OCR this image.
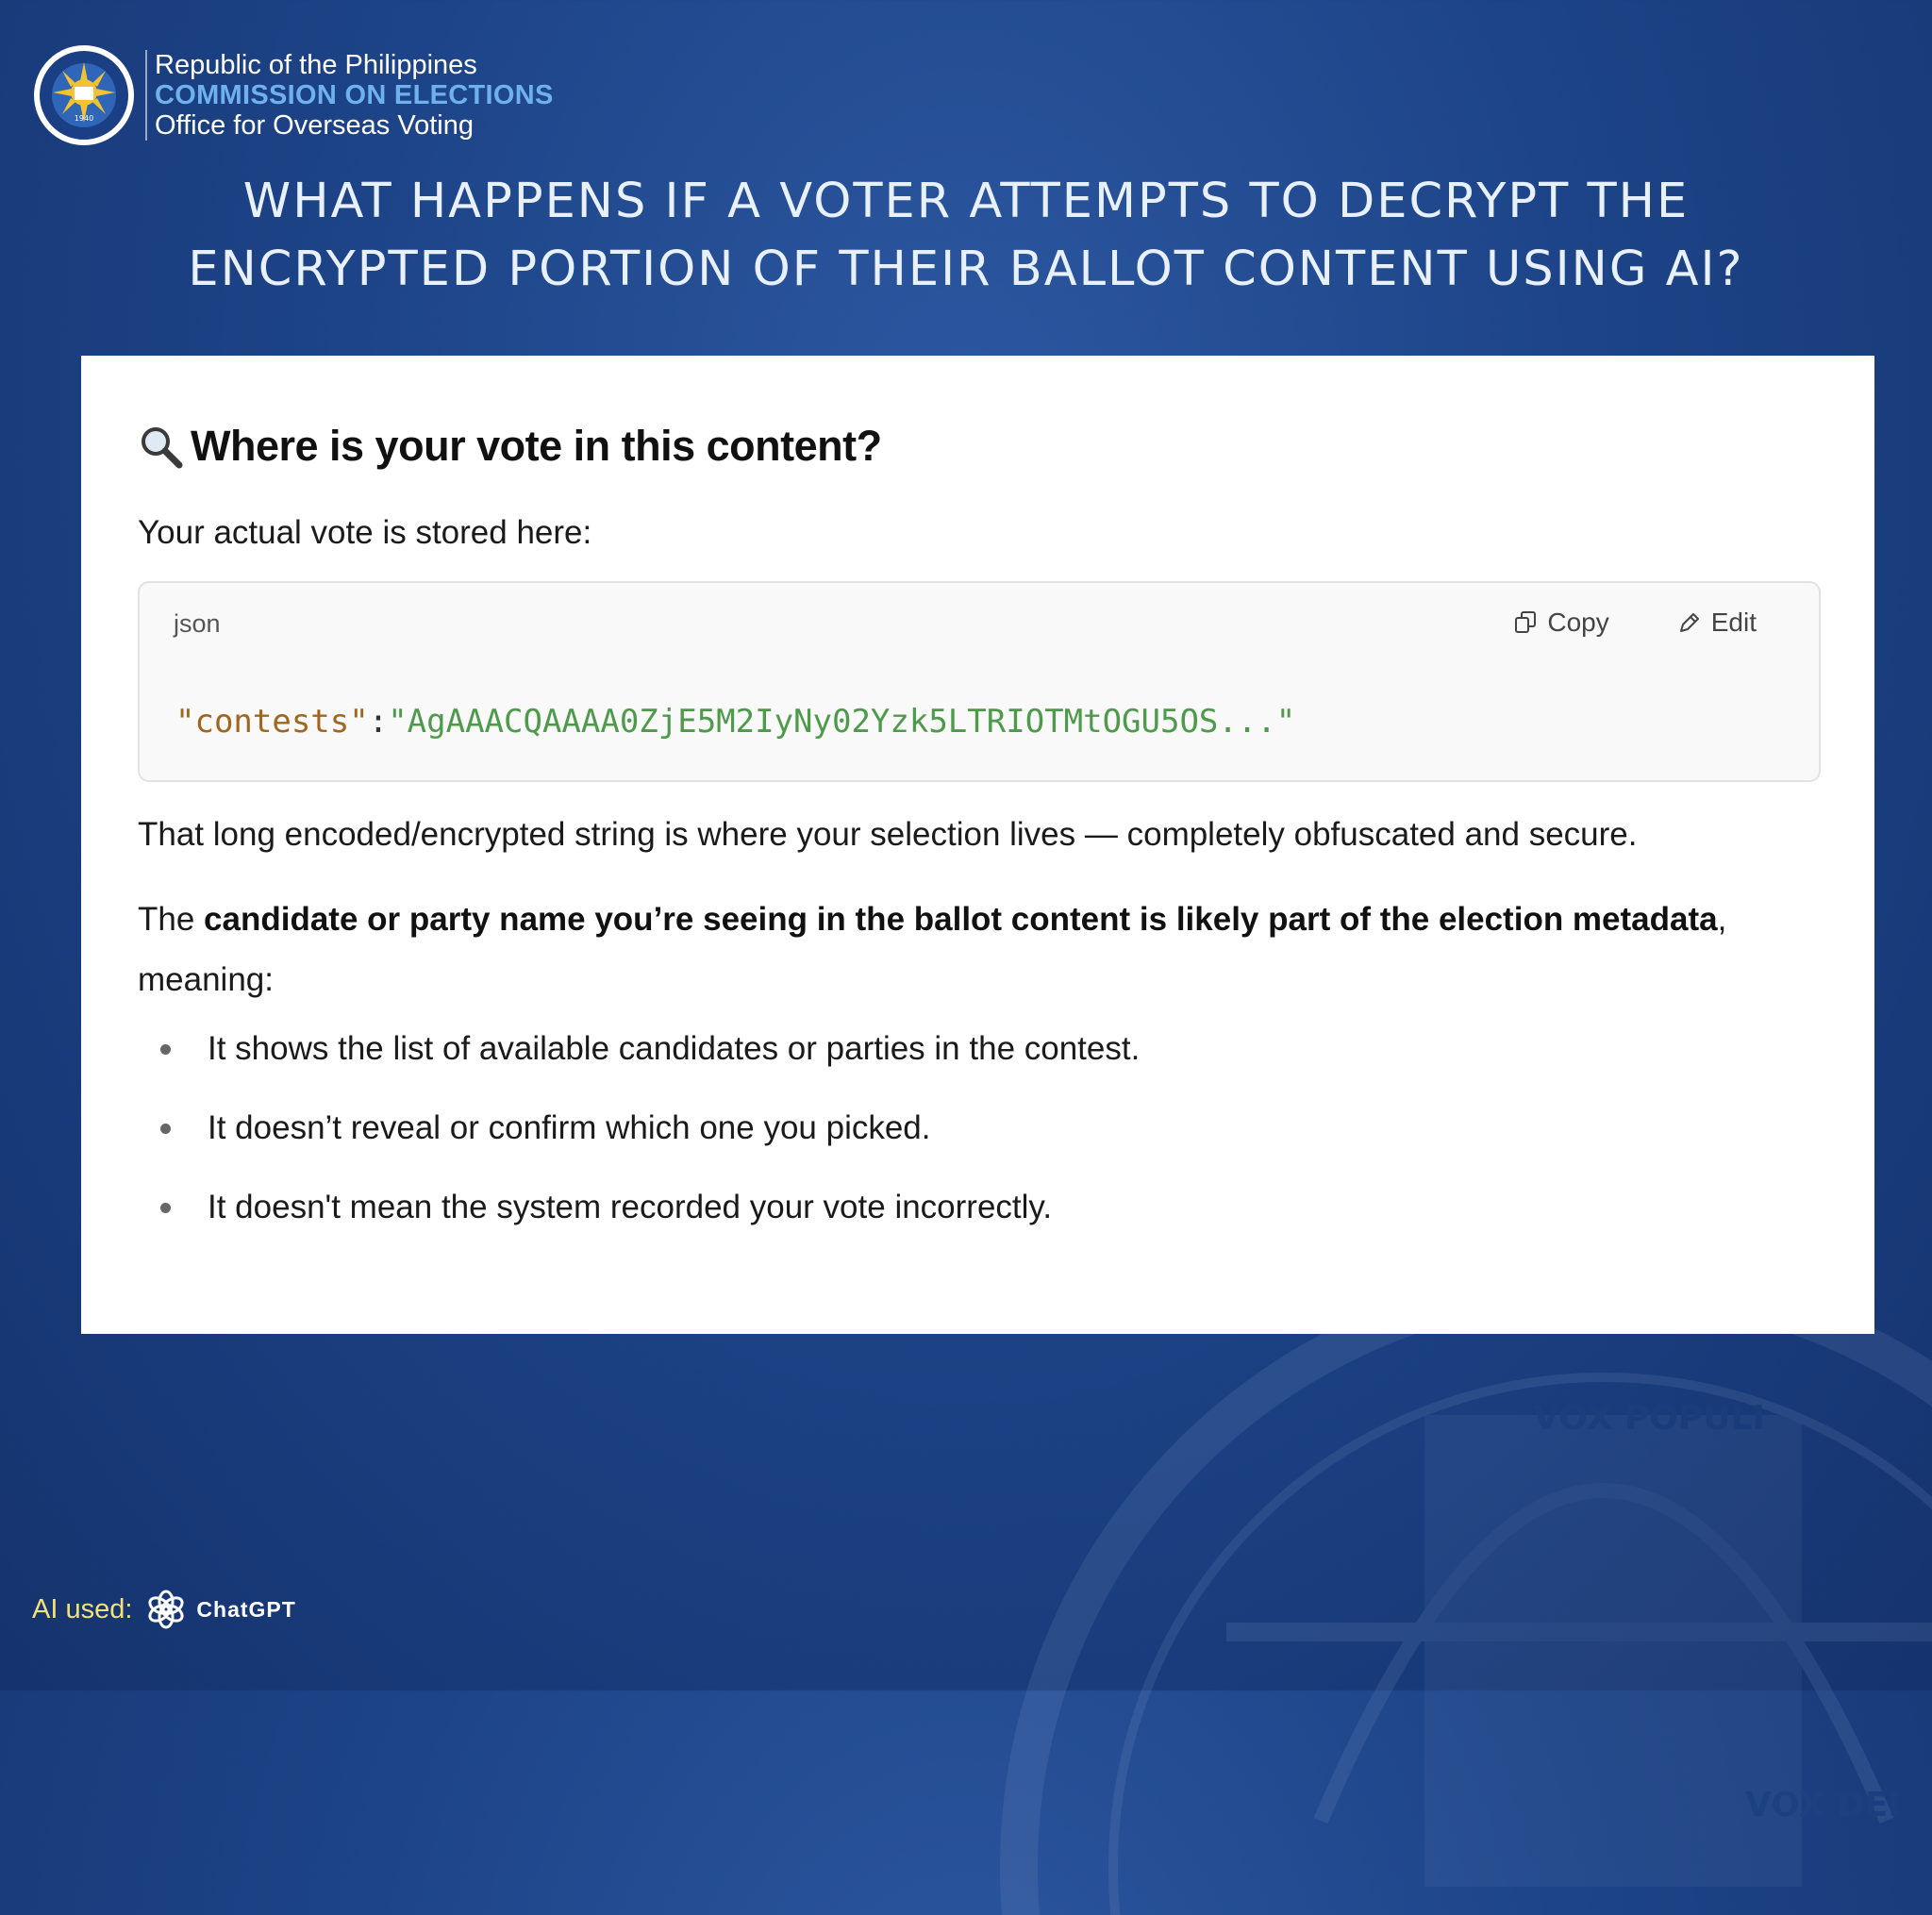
VOX POPULI
VOX DEI
1940
Republic of the Philippines
COMMISSION ON ELECTIONS
Office for Overseas Voting
WHAT HAPPENS IF A VOTER ATTEMPTS TO DECRYPT THE
ENCRYPTED PORTION OF THEIR BALLOT CONTENT USING AI?
Where is your vote in this content?
Your actual vote is stored here:
json	Copy	Edit
"contests":"AgAAACQAAAA0ZjE5M2IyNy02Yzk5LTRIOTMtOGU5OS..."
That long encoded/encrypted string is where your selection lives — completely obfuscated and secure.
The candidate or party name you’re seeing in the ballot content is likely part of the election metadata, meaning:
It shows the list of available candidates or parties in the contest.
It doesn’t reveal or confirm which one you picked.
It doesn't mean the system recorded your vote incorrectly.
AI used:	ChatGPT
